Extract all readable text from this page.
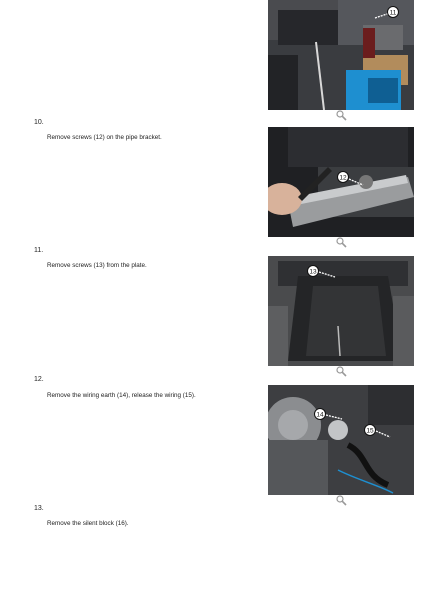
11
10.
Remove screws (12) on the pipe bracket.
12
11.
Remove screws (13) from the plate.
13
12.
Remove the wiring earth (14), release the wiring (15).
14
15
13.
Remove the silent block (16).
